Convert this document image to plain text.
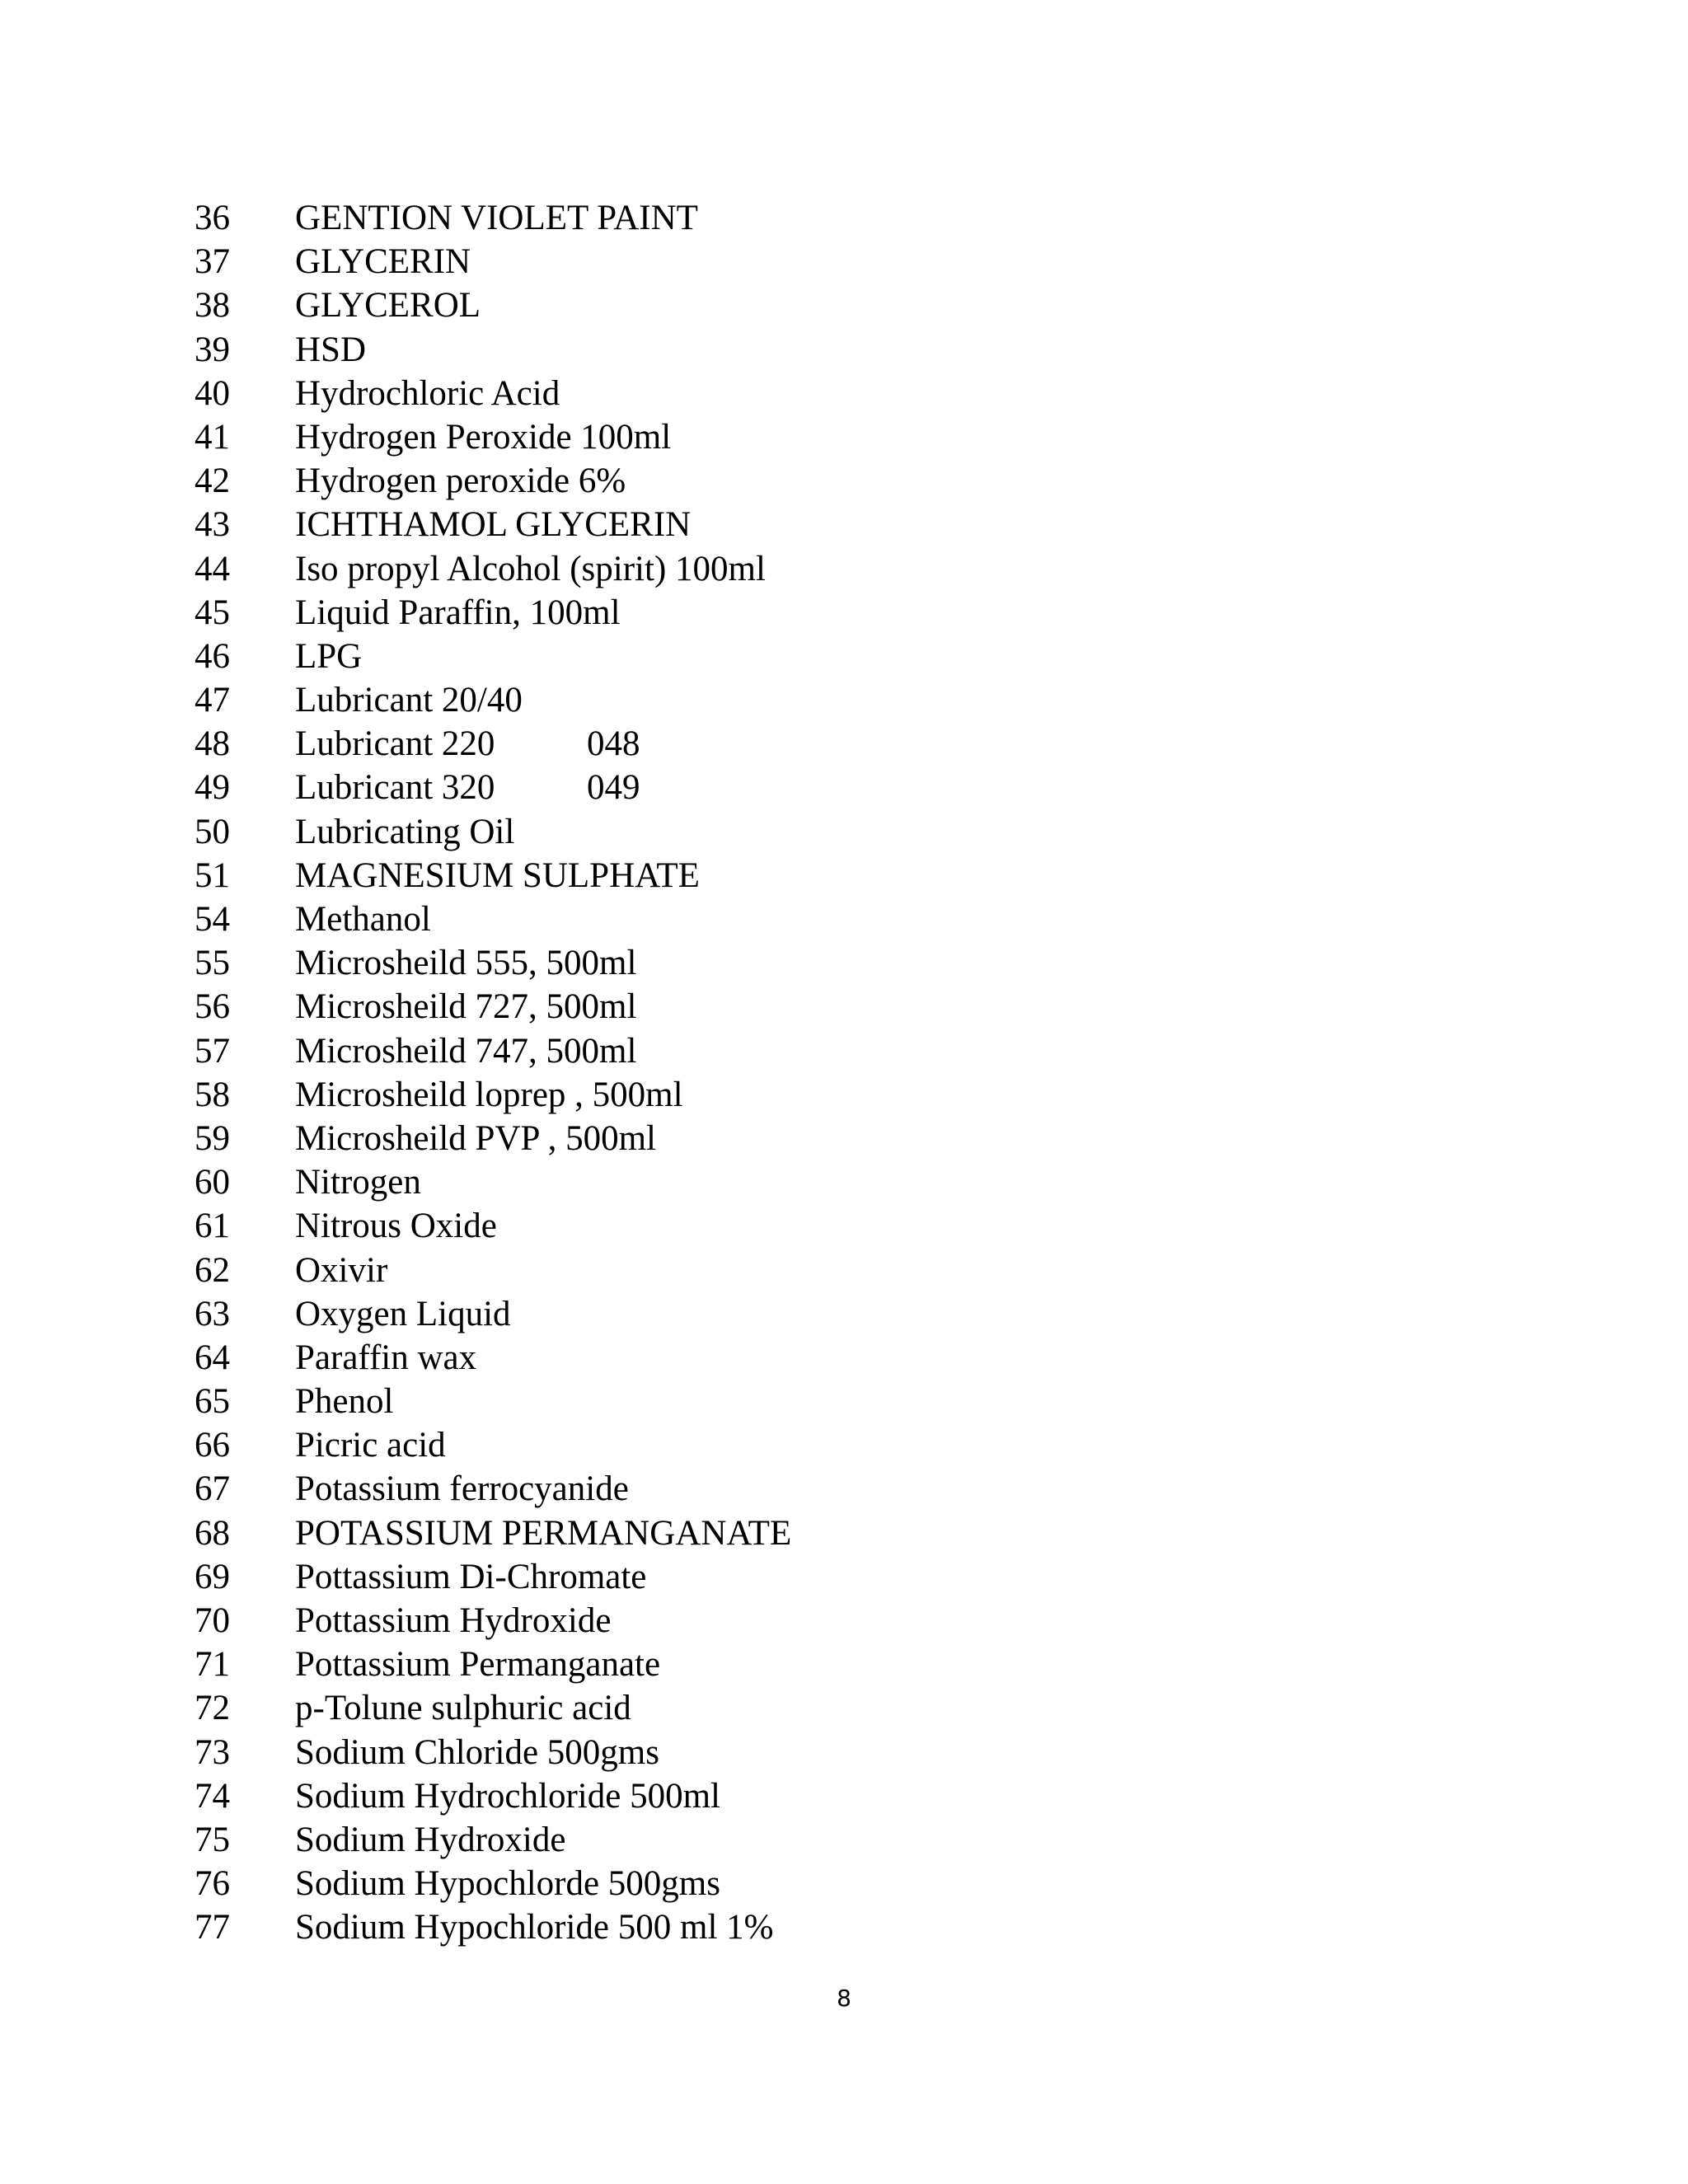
36 GENTION VIOLET PAINT
37 GLYCERIN
38 GLYCEROL
39 HSD
40 Hydrochloric Acid
41 Hydrogen Peroxide 100ml
42 Hydrogen peroxide 6%
43 ICHTHAMOL GLYCERIN
44 Iso propyl Alcohol (spirit) 100ml
45 Liquid Paraffin, 100ml
46 LPG
47 Lubricant 20/40
48 Lubricant 220	048
49 Lubricant 320	049
50 Lubricating Oil
51 MAGNESIUM SULPHATE
54 Methanol
55 Microsheild 555, 500ml
56 Microsheild 727, 500ml
57 Microsheild 747, 500ml
58 Microsheild loprep , 500ml
59 Microsheild PVP , 500ml
60 Nitrogen
61 Nitrous Oxide
62 Oxivir
63 Oxygen Liquid
64 Paraffin wax
65 Phenol
66 Picric acid
67 Potassium ferrocyanide
68 POTASSIUM PERMANGANATE
69 Pottassium Di-Chromate
70 Pottassium Hydroxide
71 Pottassium Permanganate
72 p-Tolune sulphuric acid
73 Sodium Chloride 500gms
74 Sodium Hydrochloride 500ml
75 Sodium Hydroxide
76 Sodium Hypochlorde 500gms
77 Sodium Hypochloride 500 ml 1%
8
